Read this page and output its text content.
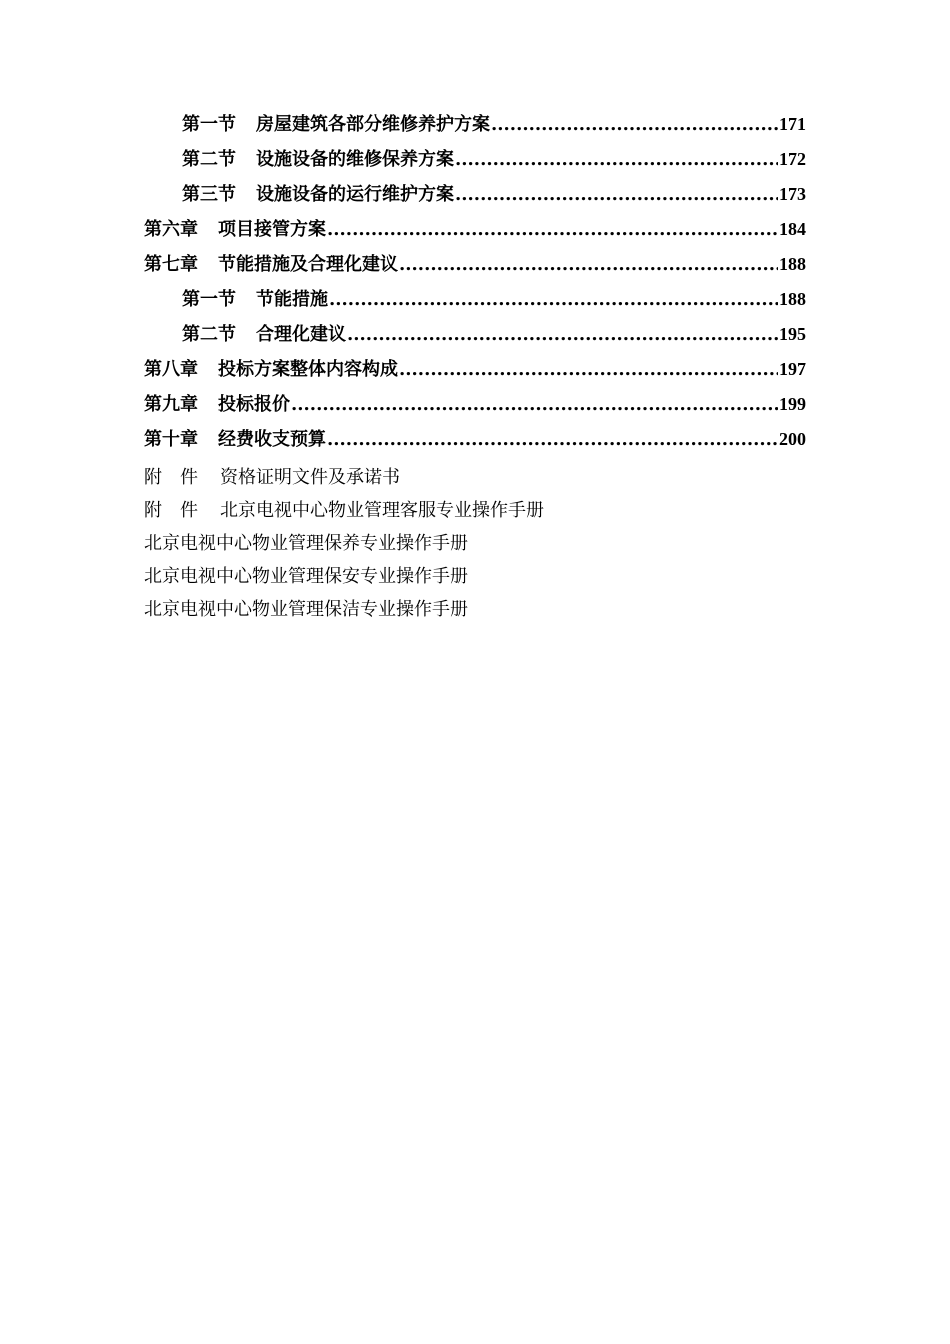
第一节 房屋建筑各部分维修养护方案 .....	171
第二节 设施设备的维修保养方案 .....	172
第三节 设施设备的运行维护方案 .....	173
第六章 项目接管方案 .....	184
第七章 节能措施及合理化建议 .....	188
第一节 节能措施 .....	188
第二节 合理化建议 .....	195
第八章 投标方案整体内容构成 .....	197
第九章 投标报价 .....	199
第十章 经费收支预算 .....	200
附　件	资格证明文件及承诺书
附　件	北京电视中心物业管理客服专业操作手册
北京电视中心物业管理保养专业操作手册
北京电视中心物业管理保安专业操作手册
北京电视中心物业管理保洁专业操作手册
